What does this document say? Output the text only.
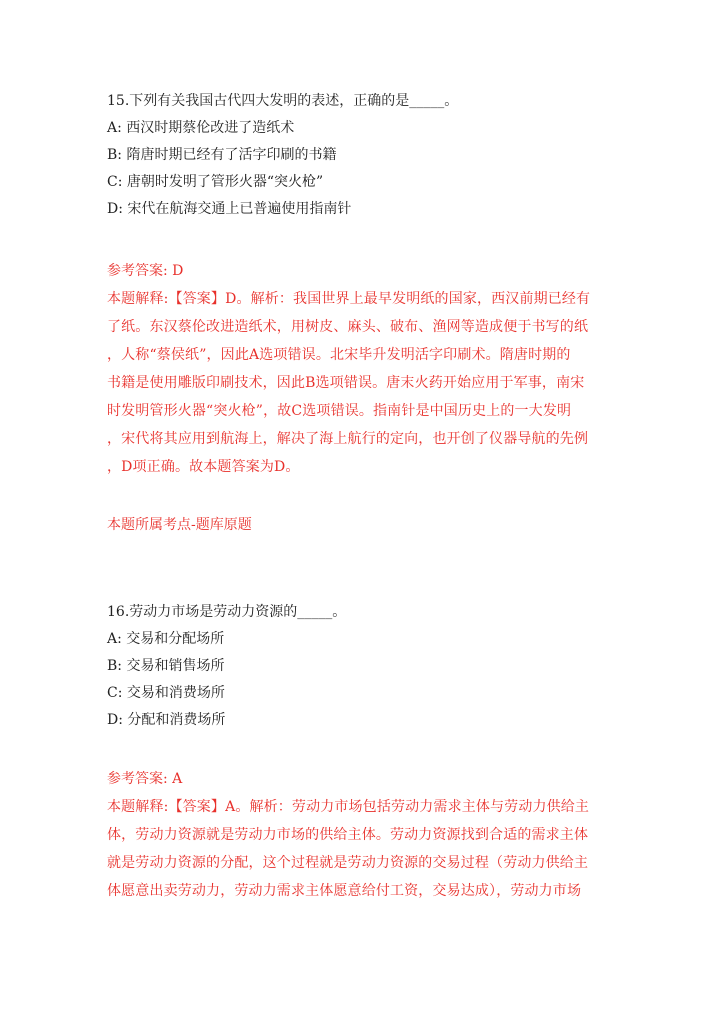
15.下列有关我国古代四大发明的表述，正确的是_____。
A: 西汉时期蔡伦改进了造纸术
B: 隋唐时期已经有了活字印刷的书籍
C: 唐朝时发明了管形火器“突火枪”
D: 宋代在航海交通上已普遍使用指南针
参考答案: D
本题解释:【答案】D。解析：我国世界上最早发明纸的国家，西汉前期已经有
了纸。东汉蔡伦改进造纸术，用树皮、麻头、破布、渔网等造成便于书写的纸
，人称“蔡侯纸”，因此A选项错误。北宋毕升发明活字印刷术。隋唐时期的
书籍是使用雕版印刷技术，因此B选项错误。唐末火药开始应用于军事，南宋
时发明管形火器“突火枪”，故C选项错误。指南针是中国历史上的一大发明
，宋代将其应用到航海上，解决了海上航行的定向，也开创了仪器导航的先例
，D项正确。故本题答案为D。
本题所属考点-题库原题
16.劳动力市场是劳动力资源的_____。
A: 交易和分配场所
B: 交易和销售场所
C: 交易和消费场所
D: 分配和消费场所
参考答案: A
本题解释:【答案】A。解析：劳动力市场包括劳动力需求主体与劳动力供给主
体，劳动力资源就是劳动力市场的供给主体。劳动力资源找到合适的需求主体
就是劳动力资源的分配，这个过程就是劳动力资源的交易过程（劳动力供给主
体愿意出卖劳动力，劳动力需求主体愿意给付工资，交易达成），劳动力市场
